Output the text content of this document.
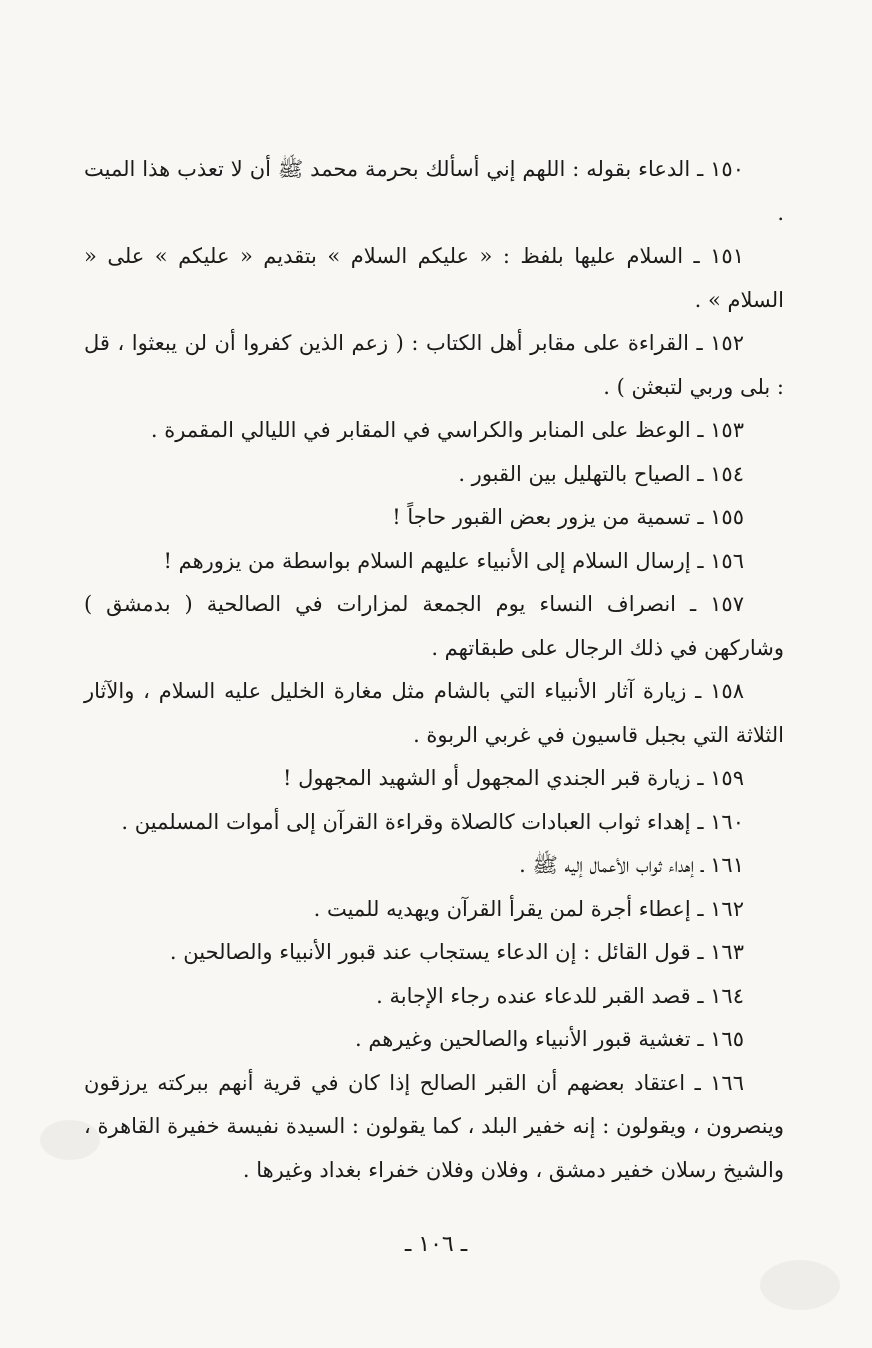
١٥٠ ـ الدعاء بقوله : اللهم إني أسألك بحرمة محمد ﷺ أن لا تعذب هذا الميت .

١٥١ ـ السلام عليها بلفظ : « عليكم السلام » بتقديم « عليكم » على « السلام » .

١٥٢ ـ القراءة على مقابر أهل الكتاب : ( زعم الذين كفروا أن لن يبعثوا ، قل : بلى وربي لتبعثن ) .

١٥٣ ـ الوعظ على المنابر والكراسي في المقابر في الليالي المقمرة .

١٥٤ ـ الصياح بالتهليل بين القبور .

١٥٥ ـ تسمية من يزور بعض القبور حاجاً !

١٥٦ ـ إرسال السلام إلى الأنبياء عليهم السلام بواسطة من يزورهم !

١٥٧ ـ انصراف النساء يوم الجمعة لمزارات في الصالحية ( بدمشق ) وشاركهن في ذلك الرجال على طبقاتهم .

١٥٨ ـ زيارة آثار الأنبياء التي بالشام مثل مغارة الخليل عليه السلام ، والآثار الثلاثة التي بجبل قاسيون في غربي الربوة .

١٥٩ ـ زيارة قبر الجندي المجهول أو الشهيد المجهول !

١٦٠ ـ إهداء ثواب العبادات كالصلاة وقراءة القرآن إلى أموات المسلمين .

١٦١ ـ إهداء ثواب الأعمال إليه ﷺ .

١٦٢ ـ إعطاء أجرة لمن يقرأ القرآن ويهديه للميت .

١٦٣ ـ قول القائل : إن الدعاء يستجاب عند قبور الأنبياء والصالحين .

١٦٤ ـ قصد القبر للدعاء عنده رجاء الإجابة .

١٦٥ ـ تغشية قبور الأنبياء والصالحين وغيرهم .

١٦٦ ـ اعتقاد بعضهم أن القبر الصالح إذا كان في قرية أنهم ببركته يرزقون وينصرون ، ويقولون : إنه خفير البلد ، كما يقولون : السيدة نفيسة خفيرة القاهرة ، والشيخ رسلان خفير دمشق ، وفلان وفلان خفراء بغداد وغيرها .

ـ ١٠٦ ـ
